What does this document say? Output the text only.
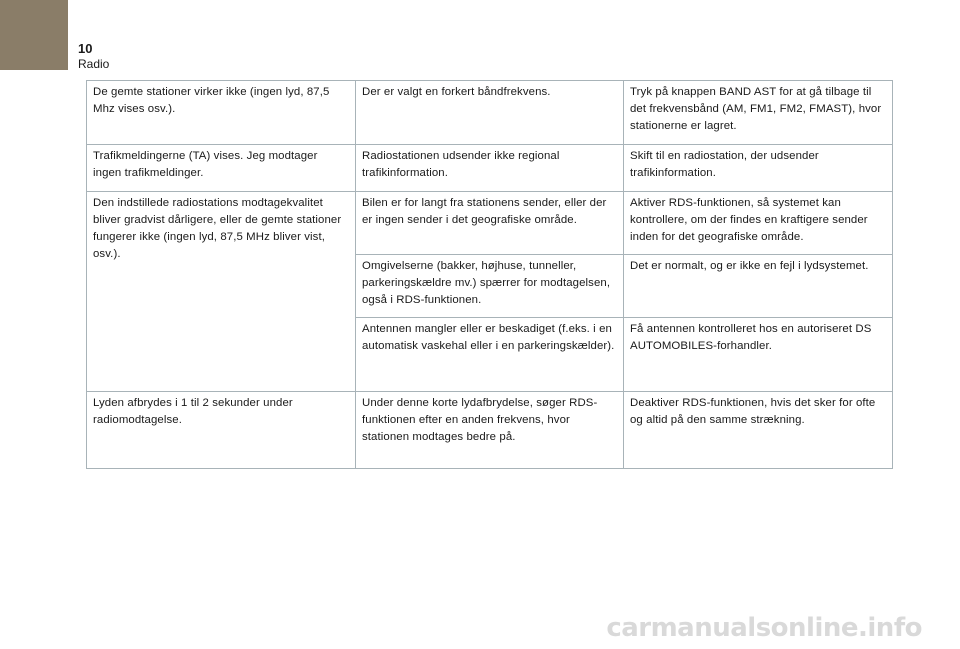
10
Radio
De gemte stationer virker ikke (ingen lyd, 87,5 Mhz vises osv.).	Der er valgt en forkert båndfrekvens.	Tryk på knappen BAND AST for at gå tilbage til det frekvensbånd (AM, FM1, FM2, FMAST), hvor stationerne er lagret.
Trafikmeldingerne (TA) vises. Jeg modtager ingen trafikmeldinger.	Radiostationen udsender ikke regional trafikinformation.	Skift til en radiostation, der udsender trafikinformation.
Den indstillede radiostations modtagekvalitet bliver gradvist dårligere, eller de gemte stationer fungerer ikke (ingen lyd, 87,5 MHz bliver vist, osv.).	Bilen er for langt fra stationens sender, eller der er ingen sender i det geografiske område.	Aktiver RDS-funktionen, så systemet kan kontrollere, om der findes en kraftigere sender inden for det geografiske område.
	Omgivelserne (bakker, højhuse, tunneller, parkeringskældre mv.) spærrer for modtagelsen, også i RDS-funktionen.	Det er normalt, og er ikke en fejl i lydsystemet.
	Antennen mangler eller er beskadiget (f.eks. i en automatisk vaskehal eller i en parkeringskælder).	Få antennen kontrolleret hos en autoriseret DS AUTOMOBILES-forhandler.
Lyden afbrydes i 1 til 2 sekunder under radiomodtagelse.	Under denne korte lydafbrydelse, søger RDS-funktionen efter en anden frekvens, hvor stationen modtages bedre på.	Deaktiver RDS-funktionen, hvis det sker for ofte og altid på den samme strækning.
carmanualsonline.info
